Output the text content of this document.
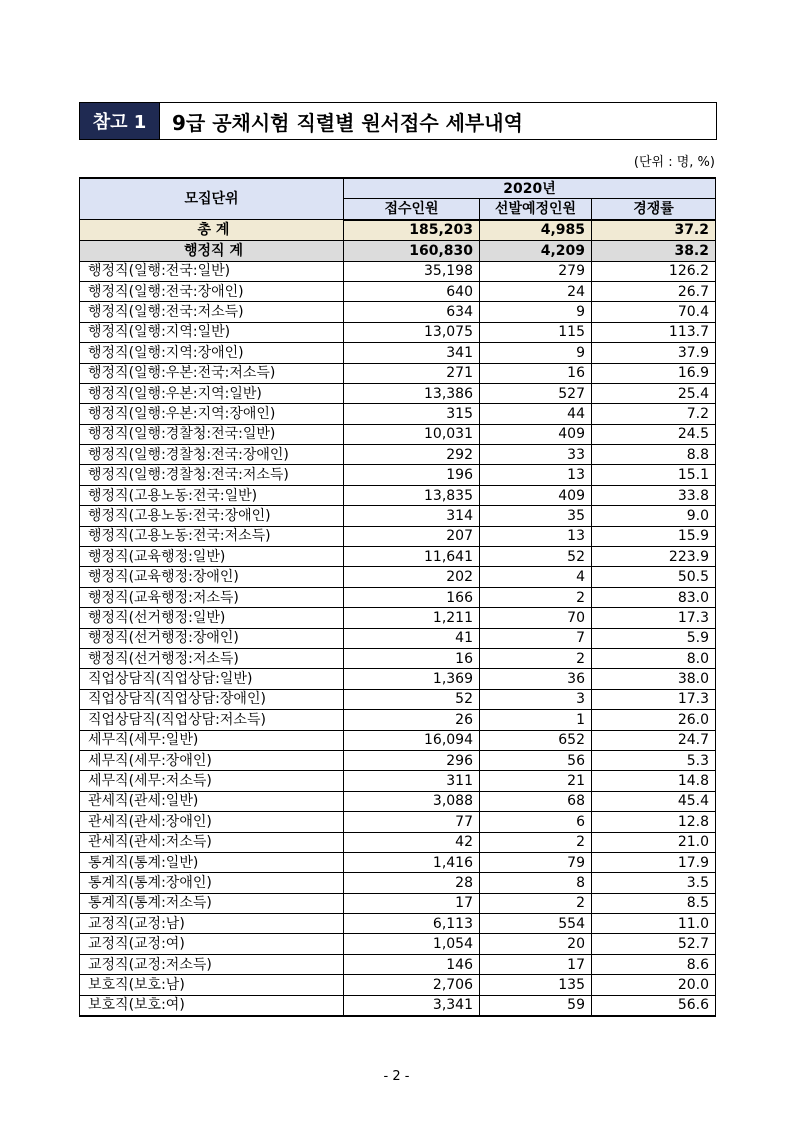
참고 1	9급 공채시험 직렬별 원서접수 세부내역
(단위 : 명, %)
모집단위	2020년		
	접수인원	선발예정인원	경쟁률
총 계	185,203	4,985	37.2
행정직 계	160,830	4,209	38.2
행정직(일행:전국:일반)	35,198	279	126.2
행정직(일행:전국:장애인)	640	24	26.7
행정직(일행:전국:저소득)	634	9	70.4
행정직(일행:지역:일반)	13,075	115	113.7
행정직(일행:지역:장애인)	341	9	37.9
행정직(일행:우본:전국:저소득)	271	16	16.9
행정직(일행:우본:지역:일반)	13,386	527	25.4
행정직(일행:우본:지역:장애인)	315	44	7.2
행정직(일행:경찰청:전국:일반)	10,031	409	24.5
행정직(일행:경찰청:전국:장애인)	292	33	8.8
행정직(일행:경찰청:전국:저소득)	196	13	15.1
행정직(고용노동:전국:일반)	13,835	409	33.8
행정직(고용노동:전국:장애인)	314	35	9.0
행정직(고용노동:전국:저소득)	207	13	15.9
행정직(교육행정:일반)	11,641	52	223.9
행정직(교육행정:장애인)	202	4	50.5
행정직(교육행정:저소득)	166	2	83.0
행정직(선거행정:일반)	1,211	70	17.3
행정직(선거행정:장애인)	41	7	5.9
행정직(선거행정:저소득)	16	2	8.0
직업상담직(직업상담:일반)	1,369	36	38.0
직업상담직(직업상담:장애인)	52	3	17.3
직업상담직(직업상담:저소득)	26	1	26.0
세무직(세무:일반)	16,094	652	24.7
세무직(세무:장애인)	296	56	5.3
세무직(세무:저소득)	311	21	14.8
관세직(관세:일반)	3,088	68	45.4
관세직(관세:장애인)	77	6	12.8
관세직(관세:저소득)	42	2	21.0
통계직(통계:일반)	1,416	79	17.9
통계직(통계:장애인)	28	8	3.5
통계직(통계:저소득)	17	2	8.5
교정직(교정:남)	6,113	554	11.0
교정직(교정:여)	1,054	20	52.7
교정직(교정:저소득)	146	17	8.6
보호직(보호:남)	2,706	135	20.0
보호직(보호:여)	3,341	59	56.6
- 2 -
